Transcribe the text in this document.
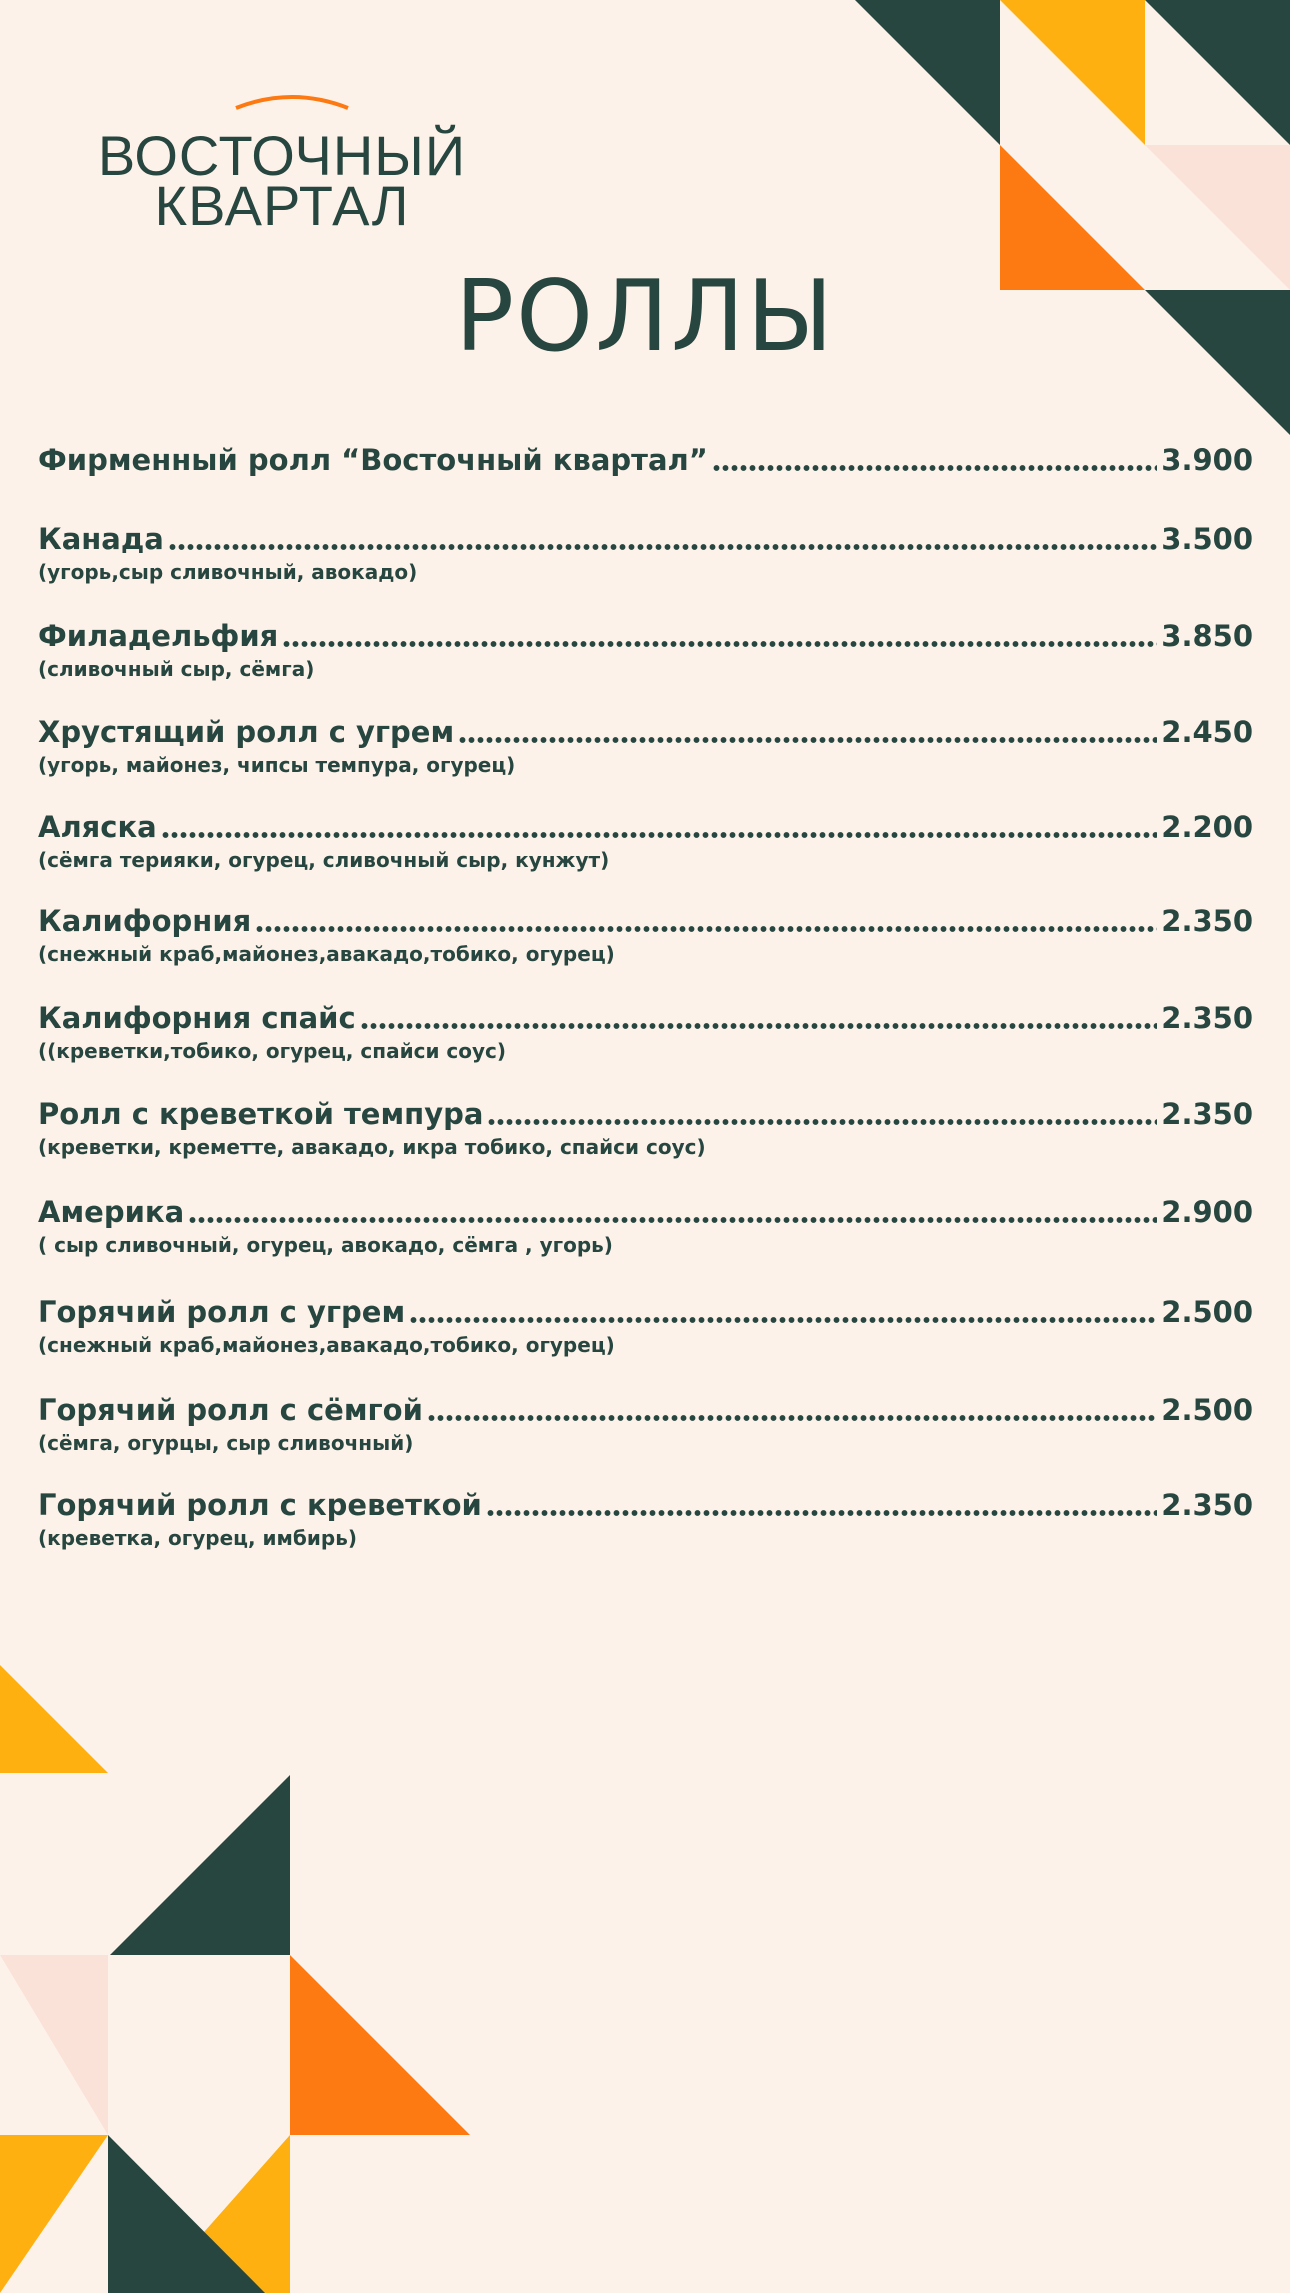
ВОСТОЧНЫЙ
КВАРТАЛ
РОЛЛЫ
Фирменный ролл “Восточный квартал”	3.900
Канада	3.500
(угорь,сыр сливочный, авокадо)
Филадельфия	3.850
(сливочный сыр, сёмга)
Хрустящий ролл с угрем	2.450
(угорь, майонез, чипсы темпура, огурец)
Аляска	2.200
(сёмга терияки, огурец, сливочный сыр, кунжут)
Калифорния	2.350
(снежный краб,майонез,авакадо,тобико, огурец)
Калифорния спайс	2.350
((креветки,тобико, огурец, спайси соус)
Ролл с креветкой темпура	2.350
(креветки, креметте, авакадо, икра тобико, спайси соус)
Америка	2.900
( сыр сливочный, огурец, авокадо, сёмга , угорь)
Горячий ролл с угрем	2.500
(снежный краб,майонез,авакадо,тобико, огурец)
Горячий ролл с сёмгой	2.500
(сёмга, огурцы, сыр сливочный)
Горячий ролл с креветкой	2.350
(креветка, огурец, имбирь)
